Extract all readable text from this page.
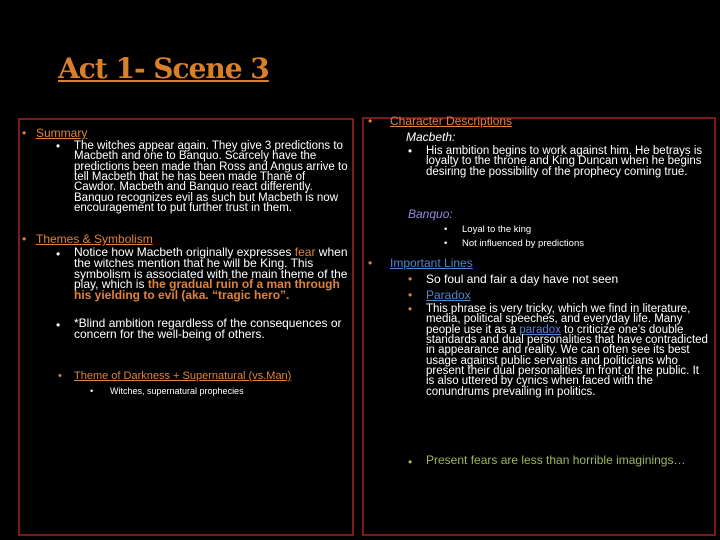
Act 1- Scene 3
• Summary
•	The witches appear again. They give 3 predictions to Macbeth and one to Banquo. Scarcely have the predictions been made than Ross and Angus arrive to tell Macbeth that he has been made Thane of Cawdor. Macbeth and Banquo react differently. Banquo recognizes evil as such but Macbeth is now encouragement to put further trust in them.
• Themes & Symbolism
•	Notice how Macbeth originally expresses fear when the witches mention that he will be King. This symbolism is associated with the main theme of the play, which is the gradual ruin of a man through his yielding to evil (aka. “tragic hero”.
•	*Blind ambition regardless of the consequences or concern for the well-being of others.
•	Theme of Darkness + Supernatural (vs.Man)
•	Witches, supernatural prophecies
•	Character Descriptions
Macbeth:
•	His ambition begins to work against him. He betrays is loyalty to the throne and King Duncan when he begins desiring the possibility of the prophecy coming true.
Banquo:
•	Loyal to the king
•	Not influenced by predictions
•	Important Lines
•	So foul and fair a day have not seen
•	Paradox
•	This phrase is very tricky, which we find in literature, media, political speeches, and everyday life. Many people use it as a paradox to criticize one’s double standards and dual personalities that have contradicted in appearance and reality. We can often see its best usage against public servants and politicians who present their dual personalities in front of the public. It is also uttered by cynics when faced with the conundrums prevailing in politics.
•	Present fears are less than horrible imaginings…
